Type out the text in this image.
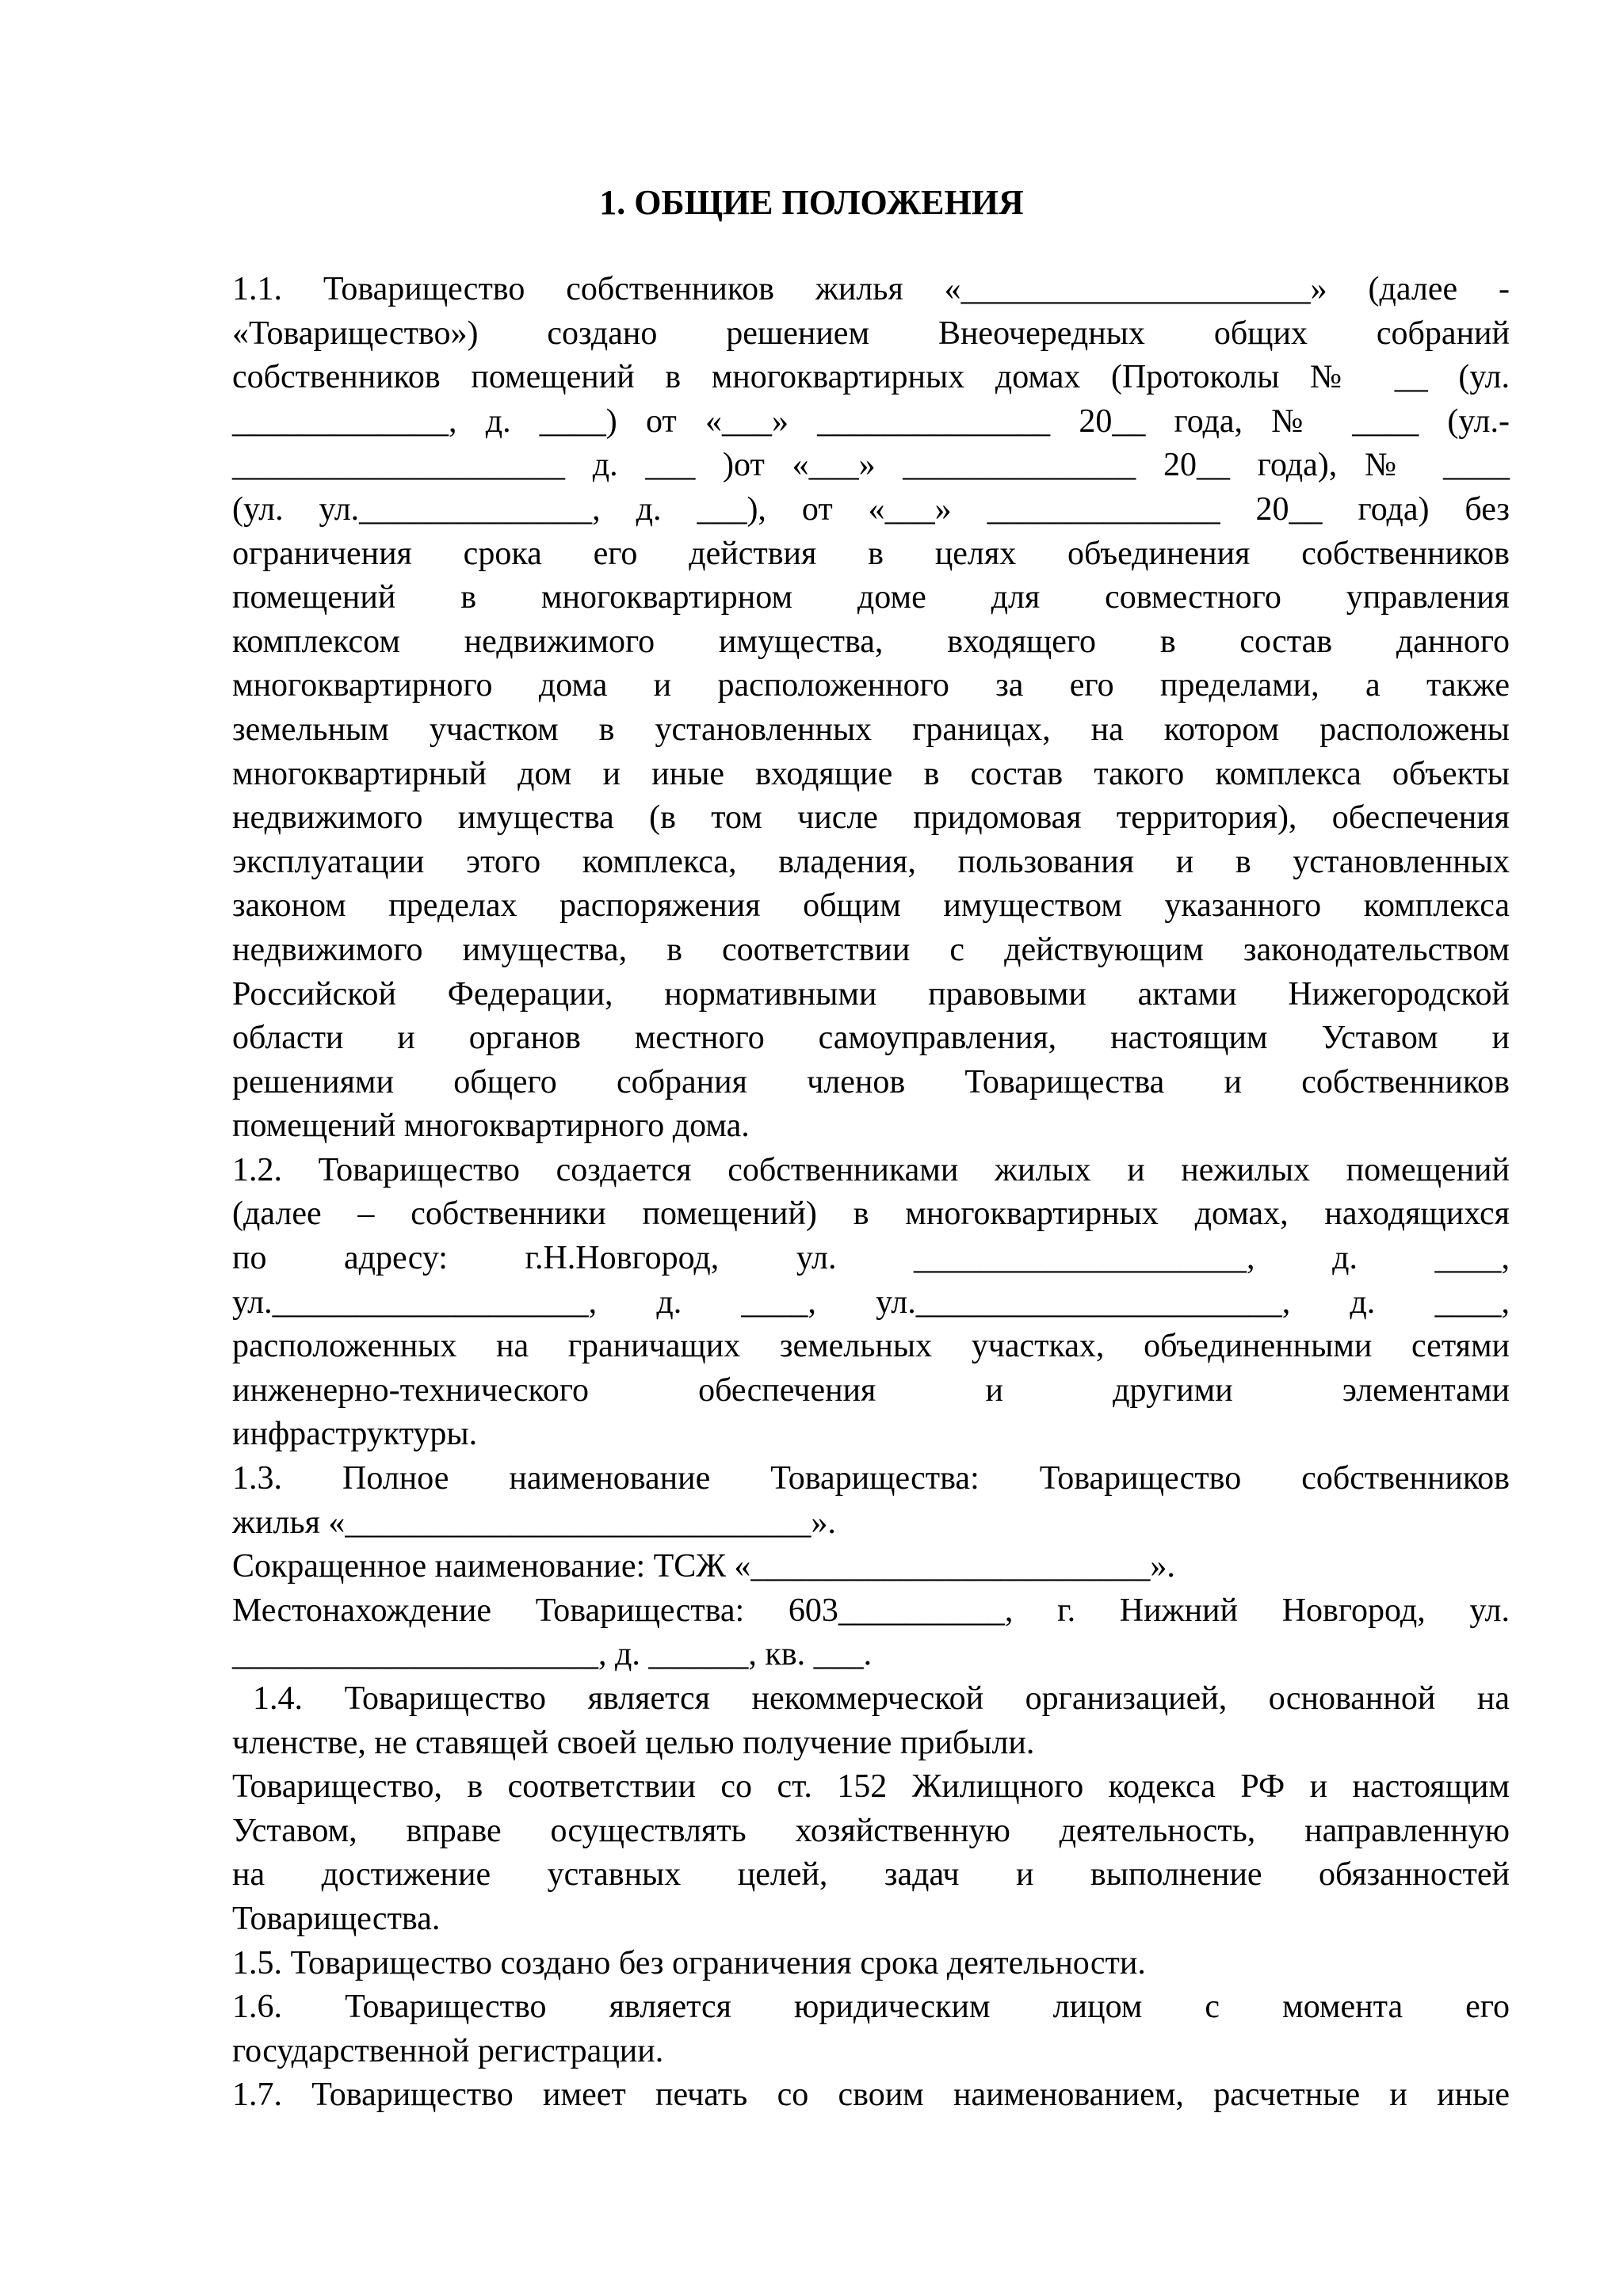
1. ОБЩИЕ ПОЛОЖЕНИЯ
1.1. Товарищество собственников жилья «_____________________» (далее -
«Товарищество») создано решением Внеочередных общих собраний
собственников помещений в многоквартирных домах (Протоколы № __ (ул.
_____________, д. ____) от «___» ______________ 20__ года, № ____ (ул.-
____________________ д. ___ )от «___» ______________ 20__ года), № ____
(ул. ул.______________, д. ___), от «___» ______________ 20__ года) без
ограничения срока его действия в целях объединения собственников
помещений в многоквартирном доме для совместного управления
комплексом недвижимого имущества, входящего в состав данного
многоквартирного дома и расположенного за его пределами, а также
земельным участком в установленных границах, на котором расположены
многоквартирный дом и иные входящие в состав такого комплекса объекты
недвижимого имущества (в том числе придомовая территория), обеспечения
эксплуатации этого комплекса, владения, пользования и в установленных
законом пределах распоряжения общим имуществом указанного комплекса
недвижимого имущества, в соответствии с действующим законодательством
Российской Федерации, нормативными правовыми актами Нижегородской
области и органов местного самоуправления, настоящим Уставом и
решениями общего собрания членов Товарищества и собственников
помещений многоквартирного дома.
1.2. Товарищество создается собственниками жилых и нежилых помещений
(далее – собственники помещений) в многоквартирных домах, находящихся
по адресу: г.Н.Новгород, ул. ____________________, д. ____,
ул.___________________, д. ____, ул.______________________, д. ____,
расположенных на граничащих земельных участках, объединенными сетями
инженерно-технического обеспечения и другими элементами
инфраструктуры.
1.3. Полное наименование Товарищества: Товарищество собственников
жилья «____________________________».
Сокращенное наименование: ТСЖ «________________________».
Местонахождение Товарищества: 603__________, г. Нижний Новгород, ул.
______________________, д. ______, кв. ___.
1.4. Товарищество является некоммерческой организацией, основанной на
членстве, не ставящей своей целью получение прибыли.
Товарищество, в соответствии со ст. 152 Жилищного кодекса РФ и настоящим
Уставом, вправе осуществлять хозяйственную деятельность, направленную
на достижение уставных целей, задач и выполнение обязанностей
Товарищества.
1.5. Товарищество создано без ограничения срока деятельности.
1.6. Товарищество является юридическим лицом с момента его
государственной регистрации.
1.7. Товарищество имеет печать со своим наименованием, расчетные и иные
